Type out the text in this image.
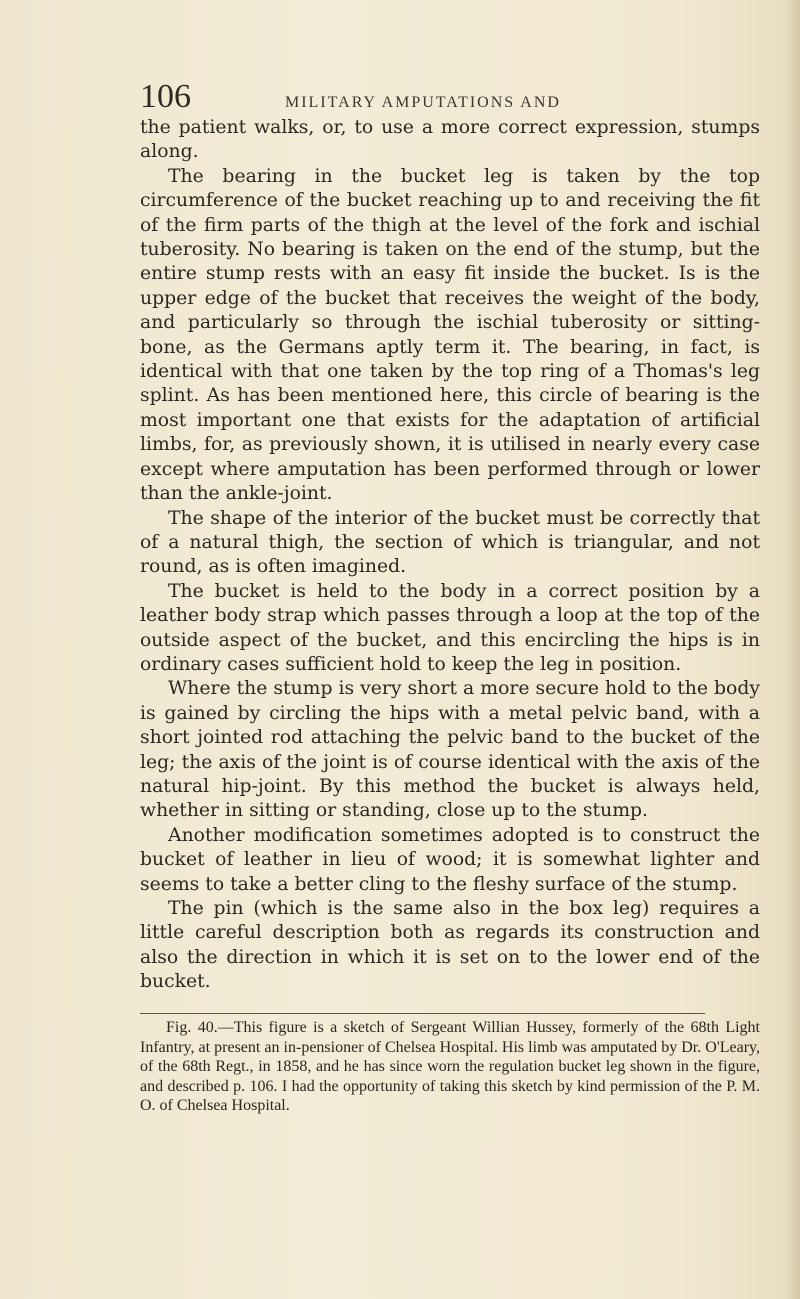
106	MILITARY AMPUTATIONS AND

the patient walks, or, to use a more correct expression, stumps along.

The bearing in the bucket leg is taken by the top circumference of the bucket reaching up to and receiving the fit of the firm parts of the thigh at the level of the fork and ischial tuberosity. No bearing is taken on the end of the stump, but the entire stump rests with an easy fit inside the bucket. Is is the upper edge of the bucket that receives the weight of the body, and particularly so through the ischial tuberosity or sitting-bone, as the Germans aptly term it. The bearing, in fact, is identical with that one taken by the top ring of a Thomas's leg splint. As has been mentioned here, this circle of bearing is the most important one that exists for the adaptation of artificial limbs, for, as previously shown, it is utilised in nearly every case except where amputation has been performed through or lower than the ankle-joint.

The shape of the interior of the bucket must be correctly that of a natural thigh, the section of which is triangular, and not round, as is often imagined.

The bucket is held to the body in a correct position by a leather body strap which passes through a loop at the top of the outside aspect of the bucket, and this encircling the hips is in ordinary cases sufficient hold to keep the leg in position.

Where the stump is very short a more secure hold to the body is gained by circling the hips with a metal pelvic band, with a short jointed rod attaching the pelvic band to the bucket of the leg; the axis of the joint is of course identical with the axis of the natural hip-joint. By this method the bucket is always held, whether in sitting or standing, close up to the stump.

Another modification sometimes adopted is to construct the bucket of leather in lieu of wood; it is somewhat lighter and seems to take a better cling to the fleshy surface of the stump.

The pin (which is the same also in the box leg) requires a little careful description both as regards its construction and also the direction in which it is set on to the lower end of the bucket.

Fig. 40.—This figure is a sketch of Sergeant Willian Hussey, formerly of the 68th Light Infantry, at present an in-pensioner of Chelsea Hospital. His limb was amputated by Dr. O'Leary, of the 68th Regt., in 1858, and he has since worn the regulation bucket leg shown in the figure, and described p. 106. I had the opportunity of taking this sketch by kind permission of the P. M. O. of Chelsea Hospital.
